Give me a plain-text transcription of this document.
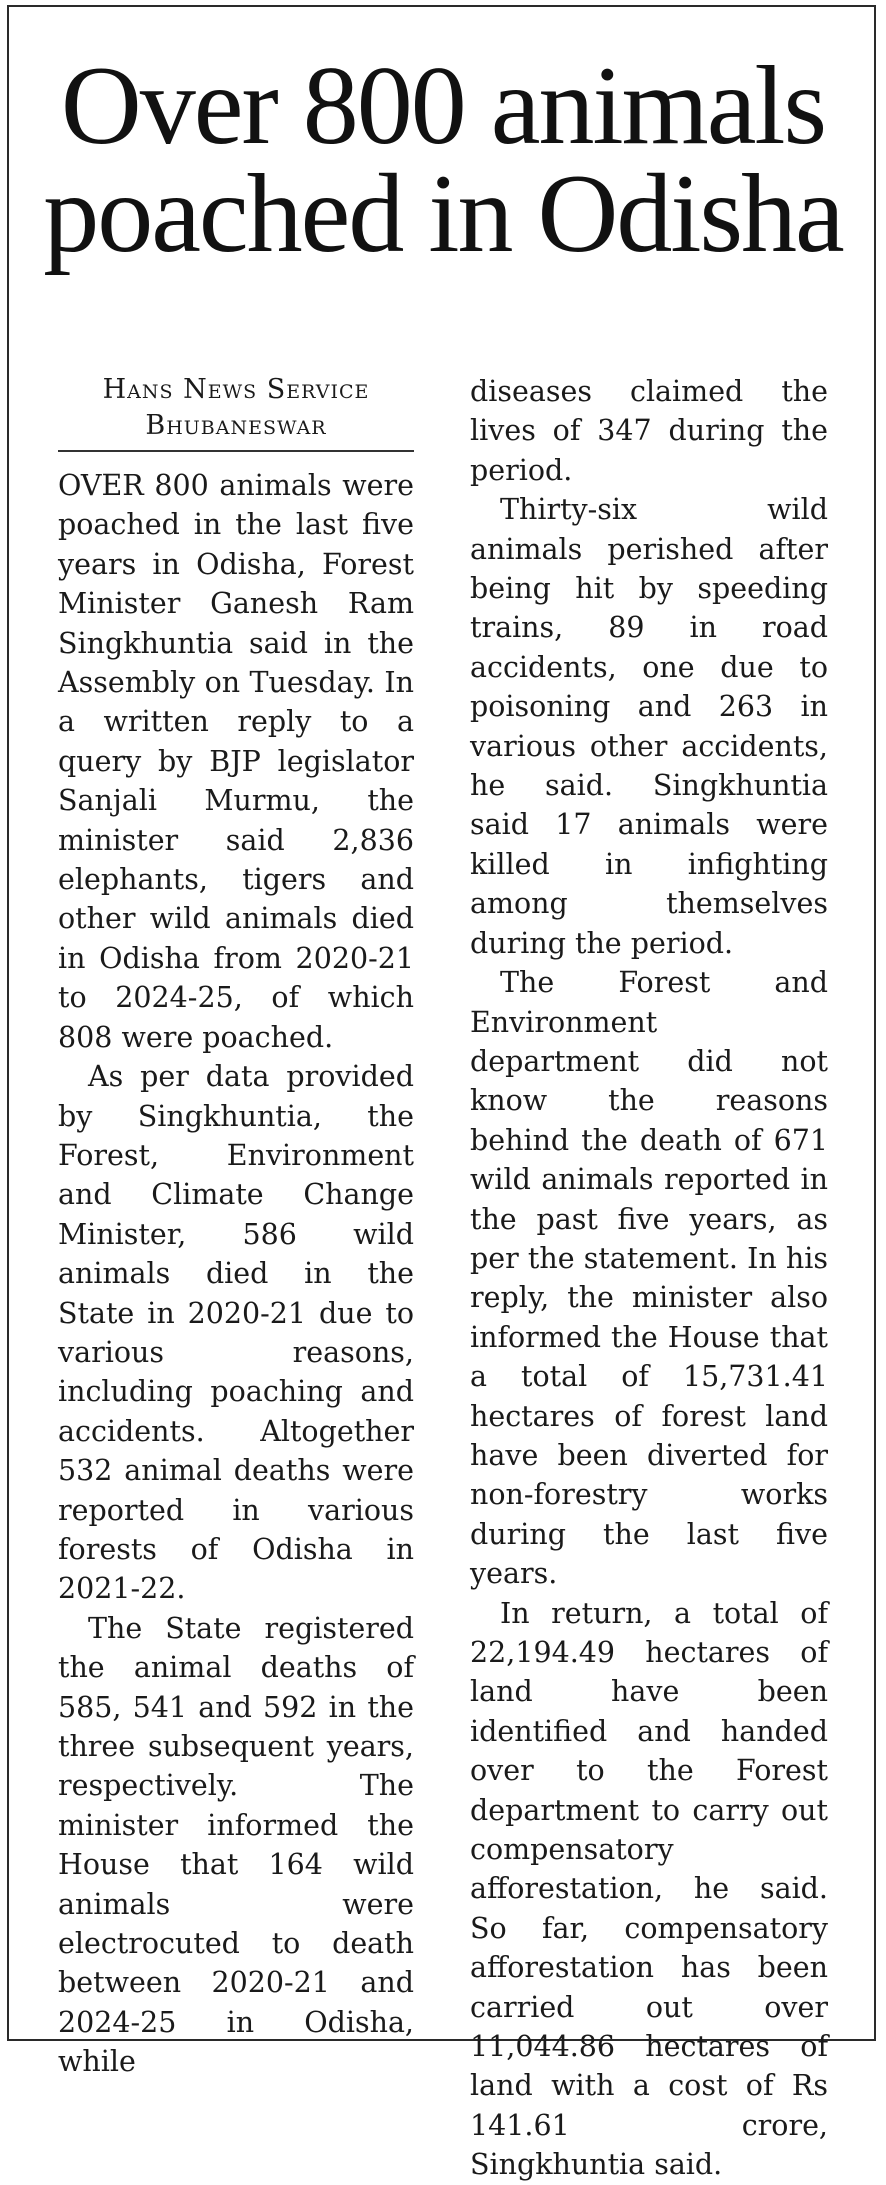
Over 800 animals poached in Odisha
Hans News Service
Bhubaneswar

OVER 800 animals were poached in the last five years in Odisha, Forest Minister Ganesh Ram Singkhuntia said in the Assembly on Tuesday. In a written reply to a query by BJP legislator Sanjali Murmu, the minister said 2,836 elephants, tigers and other wild animals died in Odisha from 2020-21 to 2024-25, of which 808 were poached.

As per data provided by Singkhuntia, the Forest, Environment and Climate Change Minister, 586 wild animals died in the State in 2020-21 due to various reasons, including poaching and accidents. Altogether 532 animal deaths were reported in various forests of Odisha in 2021-22.

The State registered the animal deaths of 585, 541 and 592 in the three subsequent years, respectively. The minister informed the House that 164 wild animals were electrocuted to death between 2020-21 and 2024-25 in Odisha, while

diseases claimed the lives of 347 during the period.

Thirty-six wild animals perished after being hit by speeding trains, 89 in road accidents, one due to poisoning and 263 in various other accidents, he said. Singkhuntia said 17 animals were killed in infighting among themselves during the period.

The Forest and Environment department did not know the reasons behind the death of 671 wild animals reported in the past five years, as per the statement. In his reply, the minister also informed the House that a total of 15,731.41 hectares of forest land have been diverted for non-forestry works during the last five years.

In return, a total of 22,194.49 hectares of land have been identified and handed over to the Forest department to carry out compensatory afforestation, he said. So far, compensatory afforestation has been carried out over 11,044.86 hectares of land with a cost of Rs 141.61 crore, Singkhuntia said.
